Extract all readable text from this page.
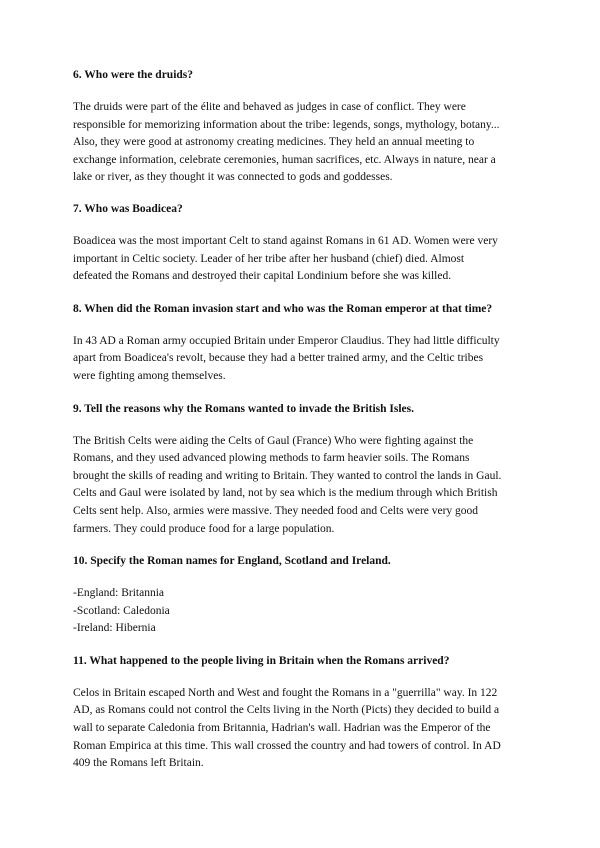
6. Who were the druids?

The druids were part of the élite and behaved as judges in case of conflict. They were
responsible for memorizing information about the tribe: legends, songs, mythology, botany...
Also, they were good at astronomy creating medicines. They held an annual meeting to
exchange information, celebrate ceremonies, human sacrifices, etc. Always in nature, near a
lake or river, as they thought it was connected to gods and goddesses.

7. Who was Boadicea?

Boadicea was the most important Celt to stand against Romans in 61 AD. Women were very
important in Celtic society. Leader of her tribe after her husband (chief) died. Almost
defeated the Romans and destroyed their capital Londinium before she was killed.

8. When did the Roman invasion start and who was the Roman emperor at that time?

In 43 AD a Roman army occupied Britain under Emperor Claudius. They had little difficulty
apart from Boadicea's revolt, because they had a better trained army, and the Celtic tribes
were fighting among themselves.

9. Tell the reasons why the Romans wanted to invade the British Isles.

The British Celts were aiding the Celts of Gaul (France) Who were fighting against the
Romans, and they used advanced plowing methods to farm heavier soils. The Romans
brought the skills of reading and writing to Britain. They wanted to control the lands in Gaul.
Celts and Gaul were isolated by land, not by sea which is the medium through which British
Celts sent help. Also, armies were massive. They needed food and Celts were very good
farmers. They could produce food for a large population.

10. Specify the Roman names for England, Scotland and Ireland.

-England: Britannia
-Scotland: Caledonia
-Ireland: Hibernia

11. What happened to the people living in Britain when the Romans arrived?

Celos in Britain escaped North and West and fought the Romans in a "guerrilla" way. In 122
AD, as Romans could not control the Celts living in the North (Picts) they decided to build a
wall to separate Caledonia from Britannia, Hadrian's wall. Hadrian was the Emperor of the
Roman Empirica at this time. This wall crossed the country and had towers of control. In AD
409 the Romans left Britain.
